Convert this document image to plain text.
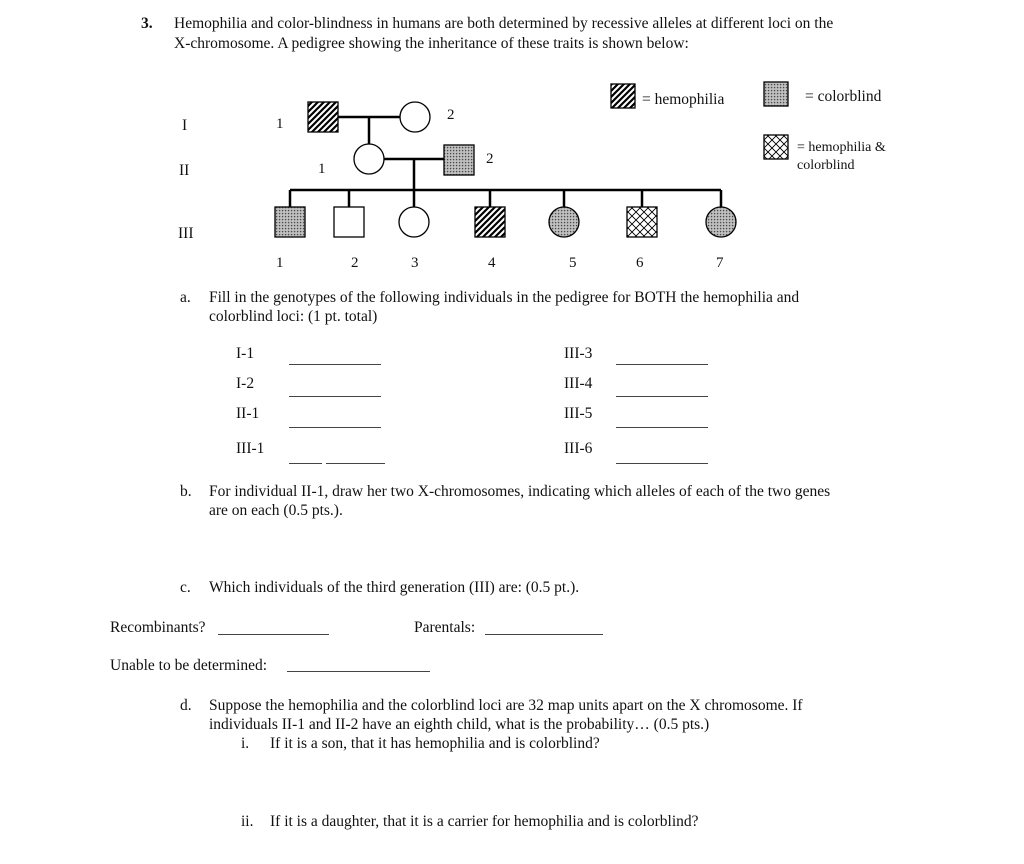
3. Hemophilia and color-blindness in humans are both determined by recessive alleles at different loci on the
X-chromosome. A pedigree showing the inheritance of these traits is shown below:
= hemophilia	= colorblind
= hemophilia &
colorblind
I
II
III
1
2
1
2
1	2	3	4	5	6	7
a. Fill in the genotypes of the following individuals in the pedigree for BOTH the hemophilia and
colorblind loci: (1 pt. total)
I-1
I-2
II-1
III-1
III-3
III-4
III-5
III-6
b. For individual II-1, draw her two X-chromosomes, indicating which alleles of each of the two genes
are on each (0.5 pts.).
c. Which individuals of the third generation (III) are: (0.5 pt.).
Recombinants?	Parentals:
Unable to be determined:
d. Suppose the hemophilia and the colorblind loci are 32 map units apart on the X chromosome. If
individuals II-1 and II-2 have an eighth child, what is the probability… (0.5 pts.)
i. If it is a son, that it has hemophilia and is colorblind?
ii. If it is a daughter, that it is a carrier for hemophilia and is colorblind?
